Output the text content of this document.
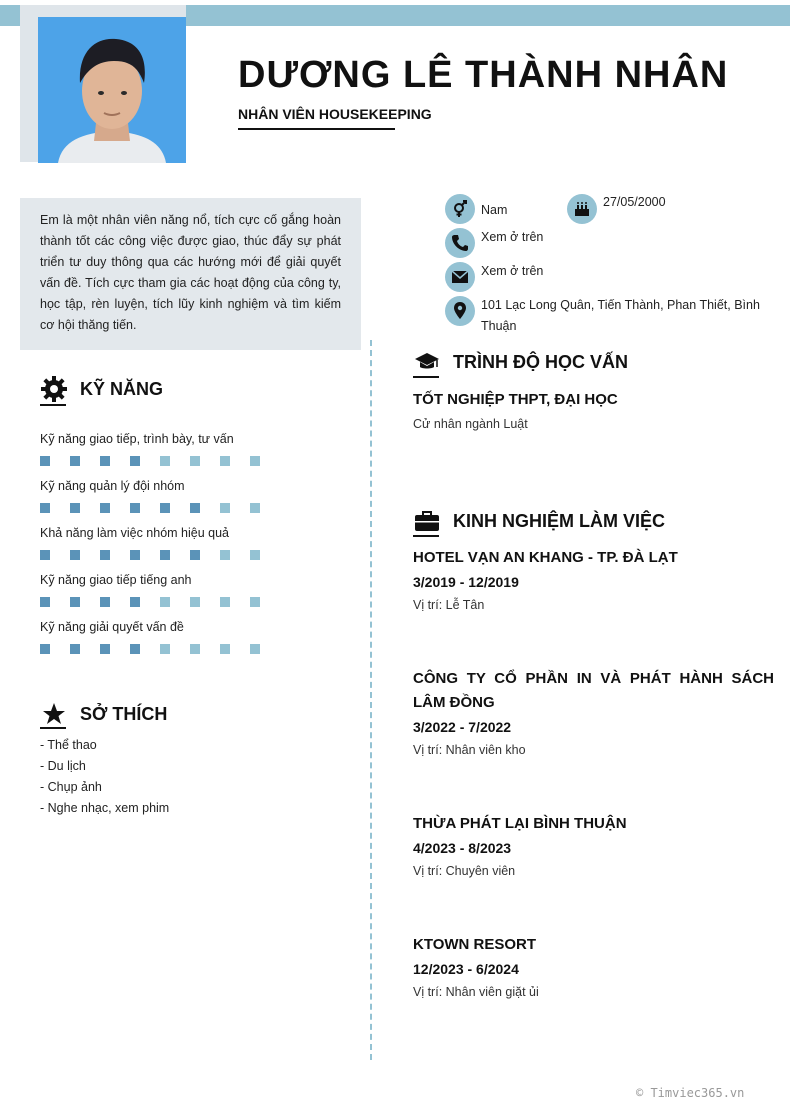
DƯƠNG LÊ THÀNH NHÂN
NHÂN VIÊN HOUSEKEEPING
Em là một nhân viên năng nổ, tích cực cố gắng hoàn thành tốt các công việc được giao, thúc đẩy sự phát triển tư duy thông qua các hướng mới để giải quyết vấn đề. Tích cực tham gia các hoạt động của công ty, học tập, rèn luyện, tích lũy kinh nghiệm và tìm kiếm cơ hội thăng tiến.
Nam
27/05/2000
Xem ở trên
Xem ở trên
101 Lạc Long Quân, Tiến Thành, Phan Thiết, Bình Thuận
KỸ NĂNG
Kỹ năng giao tiếp, trình bày, tư vấn
Kỹ năng quản lý đội nhóm
Khả năng làm việc nhóm hiệu quả
Kỹ năng giao tiếp tiếng anh
Kỹ năng giải quyết vấn đề
SỞ THÍCH
- Thể thao
- Du lịch
- Chụp ảnh
- Nghe nhạc, xem phim
TRÌNH ĐỘ HỌC VẤN
TỐT NGHIỆP THPT, ĐẠI HỌC
Cử nhân ngành Luật
KINH NGHIỆM LÀM VIỆC
HOTEL VẠN AN KHANG - TP. ĐÀ LẠT
3/2019 - 12/2019
Vị trí: Lễ Tân
CÔNG TY CỔ PHẦN IN VÀ PHÁT HÀNH SÁCH
LÂM ĐỒNG
3/2022 - 7/2022
Vị trí: Nhân viên kho
THỪA PHÁT LẠI BÌNH THUẬN
4/2023 - 8/2023
Vị trí: Chuyên viên
KTOWN RESORT
12/2023 - 6/2024
Vị trí: Nhân viên giặt ủi
© Timviec365.vn
